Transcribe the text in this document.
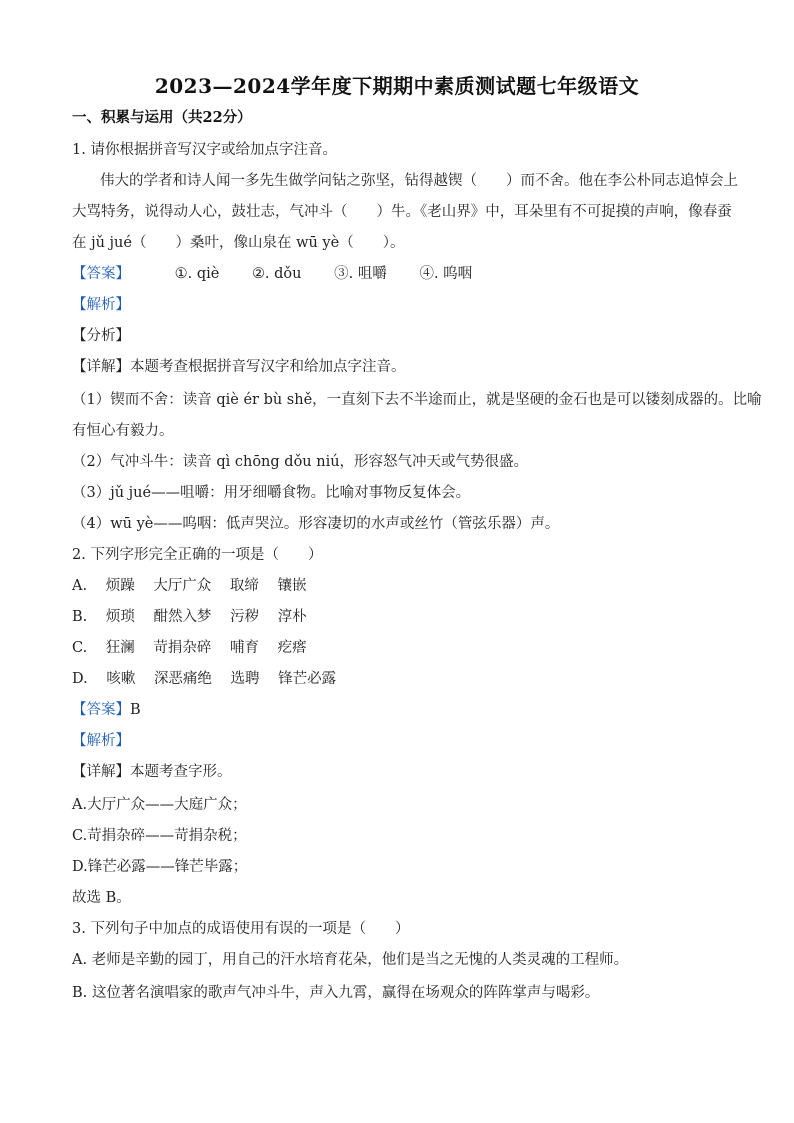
2023—2024学年度下期期中素质测试题七年级语文
一、积累与运用（共22分）
1. 请你根据拼音写汉字或给加点字注音。
伟大的学者和诗人闻一多先生做学问钻之弥坚，钻得越锲（　　）而不舍。他在李公朴同志追悼会上
大骂特务，说得动人心，鼓壮志，气冲斗（　　）牛。《老山界》中，耳朵里有不可捉摸的声响，像春蚕
在 jǔ jué（　　）桑叶，像山泉在 wū yè（　　）。
【答案】	①. qiè ②. dǒu ③. 咀嚼 ④. 呜咽
【解析】
【分析】
【详解】本题考查根据拼音写汉字和给加点字注音。
（1）锲而不舍：读音 qiè ér bù shě，一直刻下去不半途而止，就是坚硬的金石也是可以镂刻成器的。比喻
有恒心有毅力。
（2）气冲斗牛：读音 qì chōng dǒu niú，形容怒气冲天或气势很盛。
（3）jǔ jué——咀嚼：用牙细嚼食物。比喻对事物反复体会。
（4）wū yè——呜咽：低声哭泣。形容凄切的水声或丝竹（管弦乐器）声。
2. 下列字形完全正确的一项是（　　）
A. 烦躁 大厅广众 取缔 镶嵌
B. 烦琐 酣然入梦 污秽 淳朴
C. 狂澜 苛捐杂碎 哺育 疙瘩
D. 咳嗽 深恶痛绝 选聘 锋芒必露
【答案】B
【解析】
【详解】本题考查字形。
A.大厅广众——大庭广众；
C.苛捐杂碎——苛捐杂税；
D.锋芒必露——锋芒毕露；
故选 B。
3. 下列句子中加点的成语使用有误的一项是（　　）
A. 老师是辛勤的园丁，用自己的汗水培育花朵，他们是当之无愧的人类灵魂的工程师。
B. 这位著名演唱家的歌声气冲斗牛，声入九霄，赢得在场观众的阵阵掌声与喝彩。
